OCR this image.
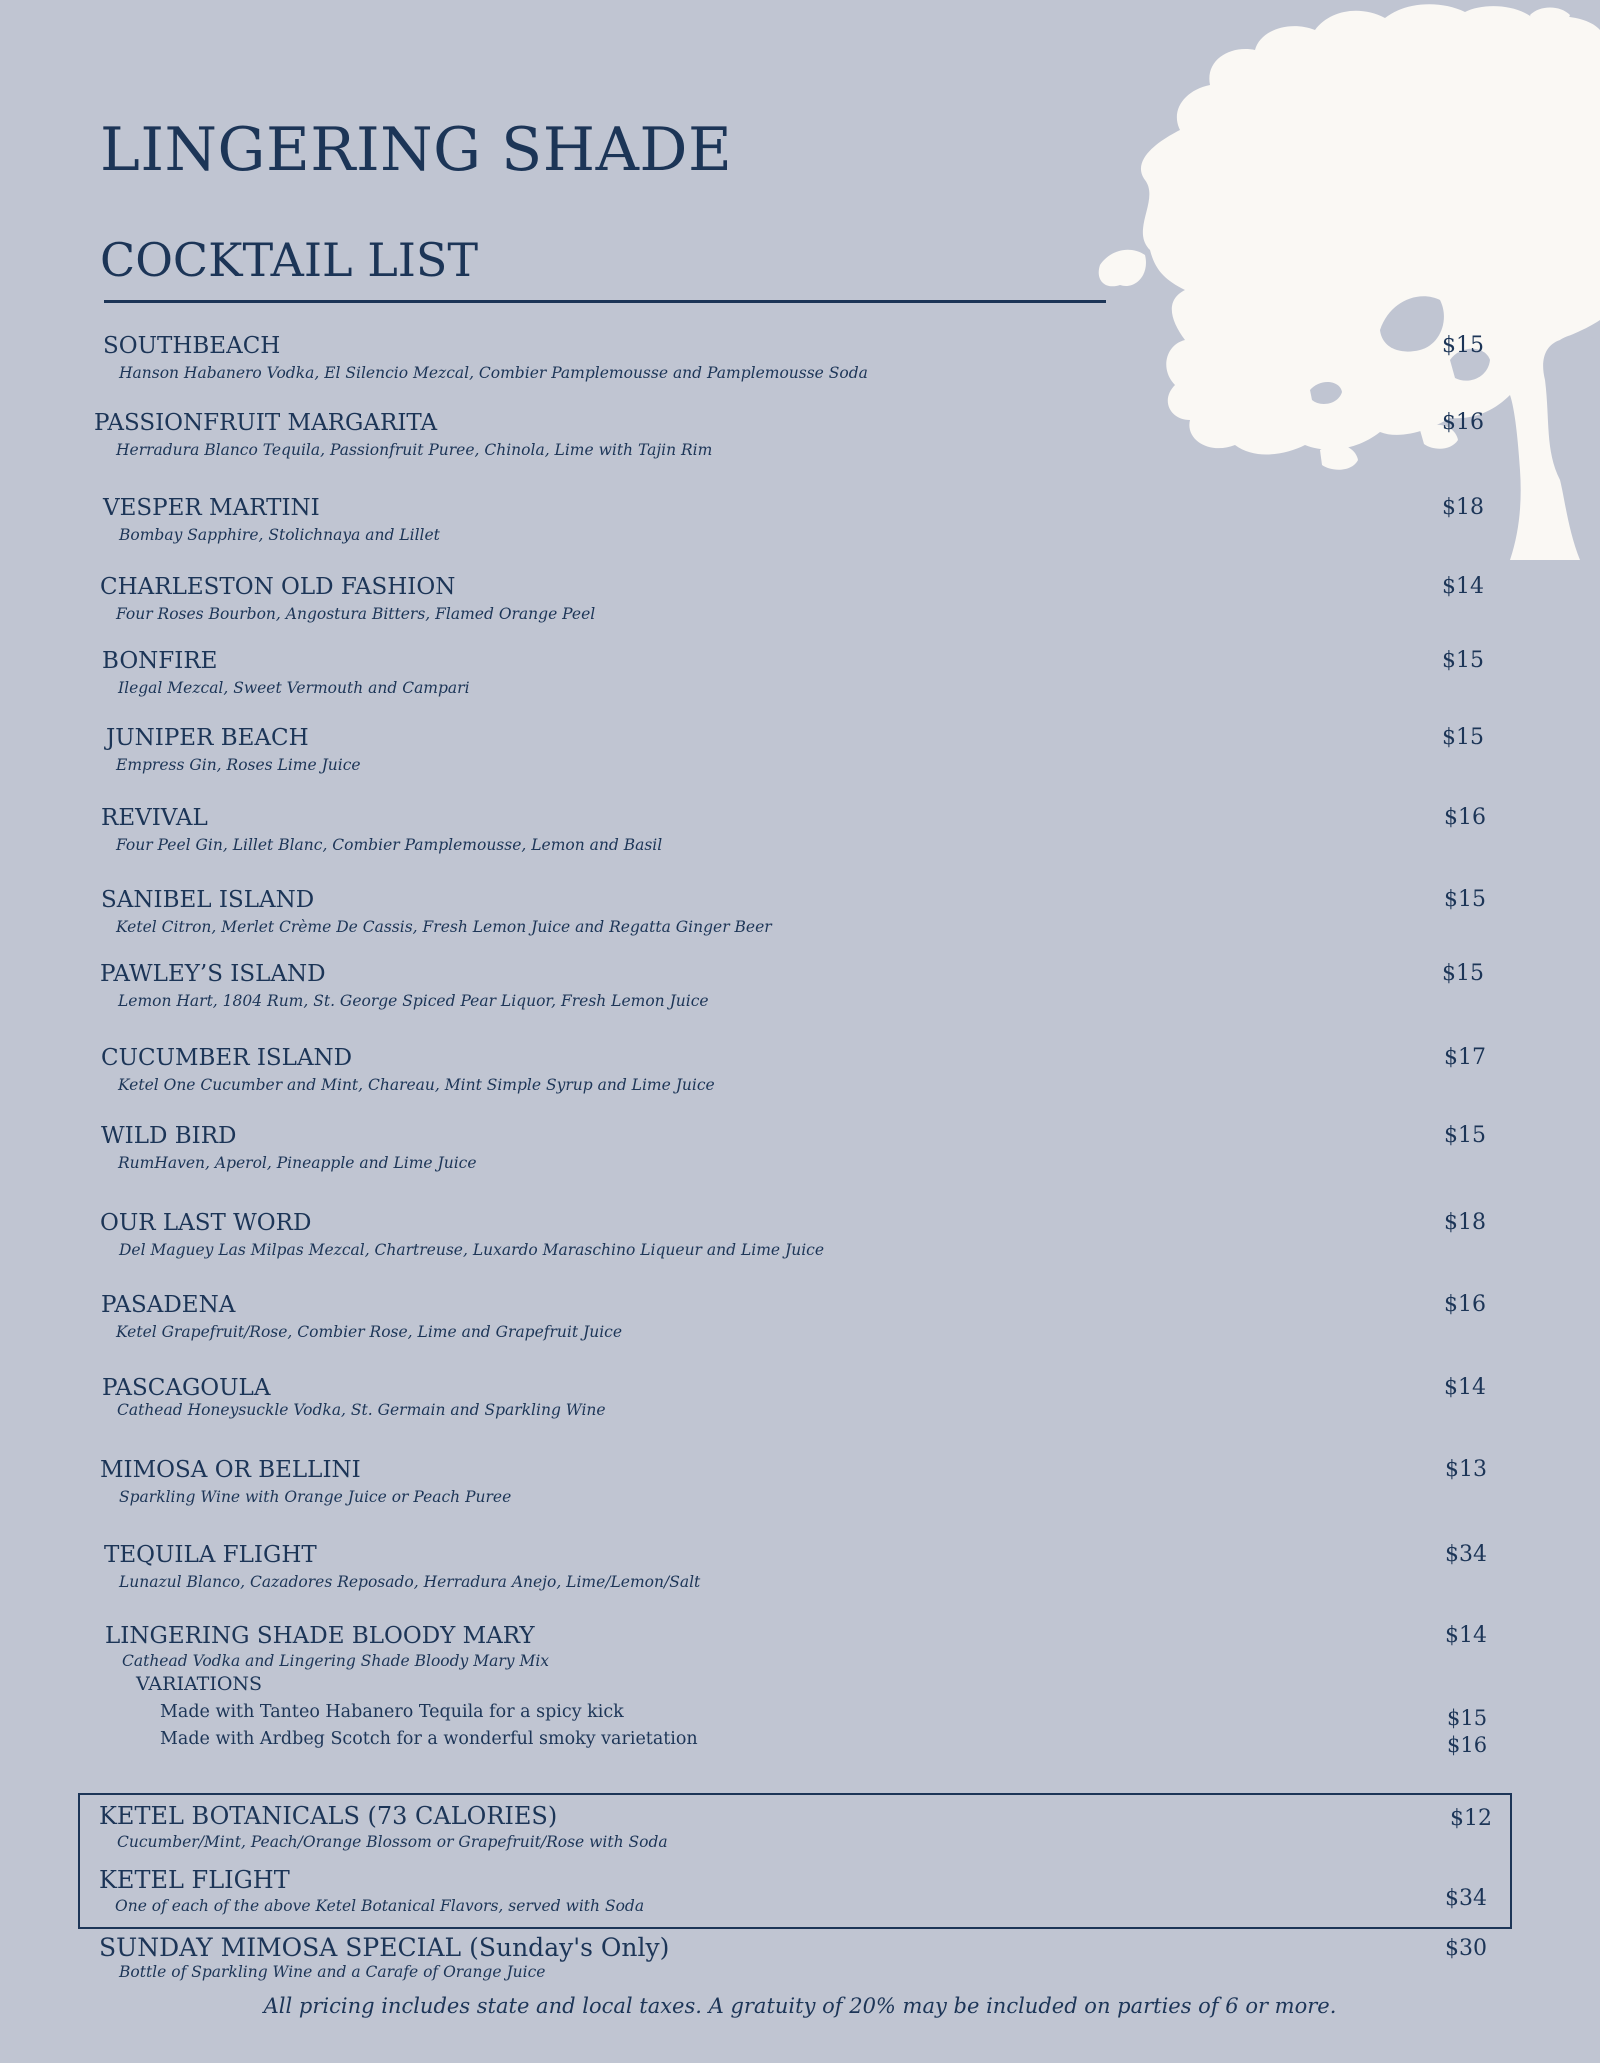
LINGERING SHADE
COCKTAIL LIST
SOUTHBEACH
Hanson Habanero Vodka, El Silencio Mezcal, Combier Pamplemousse and Pamplemousse Soda
$15
PASSIONFRUIT MARGARITA
Herradura Blanco Tequila, Passionfruit Puree, Chinola, Lime with Tajin Rim
$16
VESPER MARTINI
Bombay Sapphire, Stolichnaya and Lillet
$18
CHARLESTON OLD FASHION
Four Roses Bourbon, Angostura Bitters, Flamed Orange Peel
$14
BONFIRE
Ilegal Mezcal, Sweet Vermouth and Campari
$15
JUNIPER BEACH
Empress Gin, Roses Lime Juice
$15
REVIVAL
Four Peel Gin, Lillet Blanc, Combier Pamplemousse, Lemon and Basil
$16
SANIBEL ISLAND
Ketel Citron, Merlet Crème De Cassis, Fresh Lemon Juice and Regatta Ginger Beer
$15
PAWLEY’S ISLAND
Lemon Hart, 1804 Rum, St. George Spiced Pear Liquor, Fresh Lemon Juice
$15
CUCUMBER ISLAND
Ketel One Cucumber and Mint, Chareau, Mint Simple Syrup and Lime Juice
$17
WILD BIRD
RumHaven, Aperol, Pineapple and Lime Juice
$15
OUR LAST WORD
Del Maguey Las Milpas Mezcal, Chartreuse, Luxardo Maraschino Liqueur and Lime Juice
$18
PASADENA
Ketel Grapefruit/Rose, Combier Rose, Lime and Grapefruit Juice
$16
PASCAGOULA
Cathead Honeysuckle Vodka, St. Germain and Sparkling Wine
$14
MIMOSA OR BELLINI
Sparkling Wine with Orange Juice or Peach Puree
$13
TEQUILA FLIGHT
Lunazul Blanco, Cazadores Reposado, Herradura Anejo, Lime/Lemon/Salt
$34
LINGERING SHADE BLOODY MARY
Cathead Vodka and Lingering Shade Bloody Mary Mix
$14
VARIATIONS
Made with Tanteo Habanero Tequila for a spicy kick	$15
Made with Ardbeg Scotch for a wonderful smoky varietation	$16
KETEL BOTANICALS (73 CALORIES)
Cucumber/Mint, Peach/Orange Blossom or Grapefruit/Rose with Soda
$12
KETEL FLIGHT
One of each of the above Ketel Botanical Flavors, served with Soda	$34
SUNDAY MIMOSA SPECIAL (Sunday's Only)
Bottle of Sparkling Wine and a Carafe of Orange Juice
$30
All pricing includes state and local taxes. A gratuity of 20% may be included on parties of 6 or more.
